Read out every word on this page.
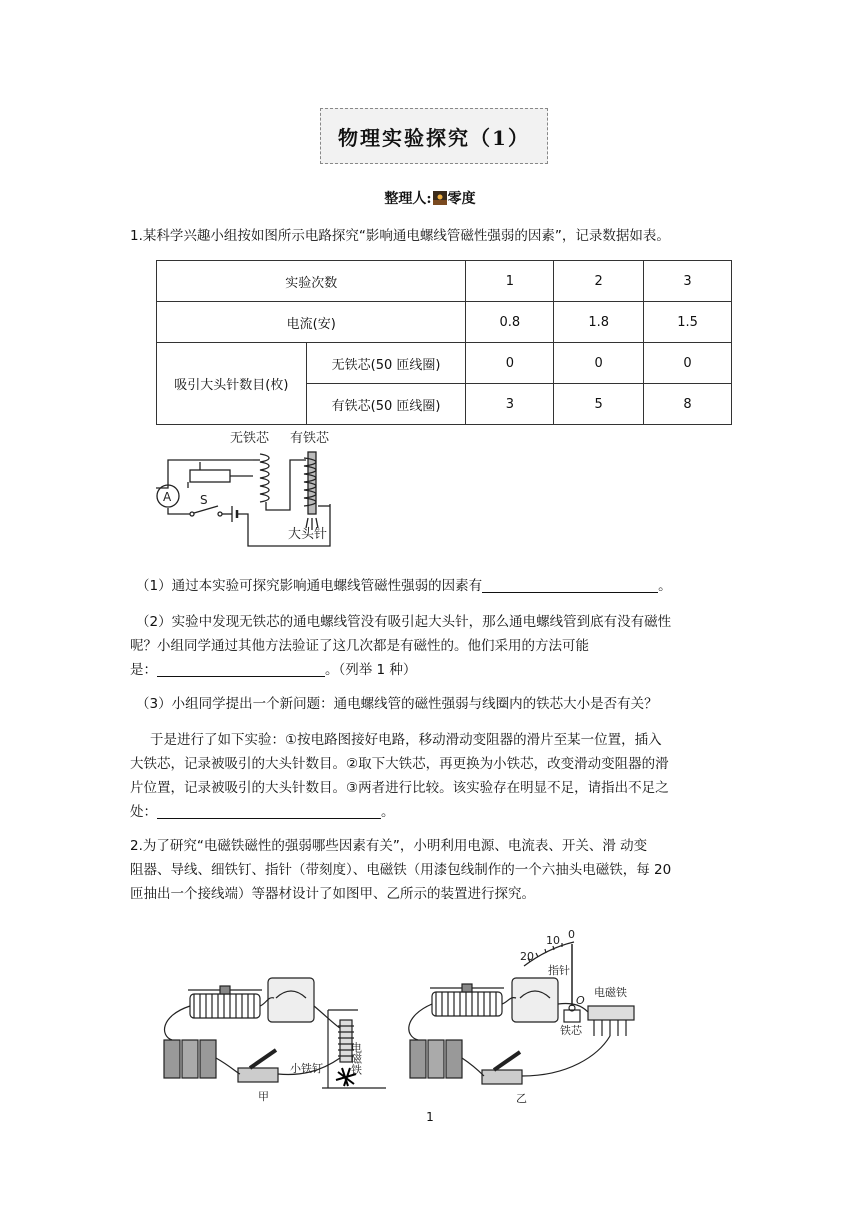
物理实验探究（1）
整理人: 零度
1.某科学兴趣小组按如图所示电路探究“影响通电螺线管磁性强弱的因素”，记录数据如表。
实验次数		1	2	3
电流(安)		0.8	1.8	1.5
吸引大头针数目(枚)	无铁芯(50 匝线圈)	0	0	0
	有铁芯(50 匝线圈)	3	5	8
无铁芯 有铁芯
A S
大头针
（1）通过本实验可探究影响通电螺线管磁性强弱的因素有	。
（2）实验中发现无铁芯的通电螺线管没有吸引起大头针，那么通电螺线管到底有没有磁性
呢？小组同学通过其他方法验证了这几次都是有磁性的。他们采用的方法可能
是：	。（列举 1 种）
（3）小组同学提出一个新问题：通电螺线管的磁性强弱与线圈内的铁芯大小是否有关？
于是进行了如下实验：①按电路图接好电路，移动滑动变阻器的滑片至某一位置，插入
大铁芯，记录被吸引的大头针数目。②取下大铁芯，再更换为小铁芯，改变滑动变阻器的滑
片位置，记录被吸引的大头针数目。③两者进行比较。该实验存在明显不足，请指出不足之
处：	。
2.为了研究“电磁铁磁性的强弱哪些因素有关”，小明利用电源、电流表、开关、滑 动变
阻器、导线、细铁钉、指针（带刻度）、电磁铁（用漆包线制作的一个六抽头电磁铁，每 20
匝抽出一个接线端）等器材设计了如图甲、乙所示的装置进行探究。
电磁铁
小铁钉
甲
10 0
20
指针
O
铁芯
电磁铁
乙
1
